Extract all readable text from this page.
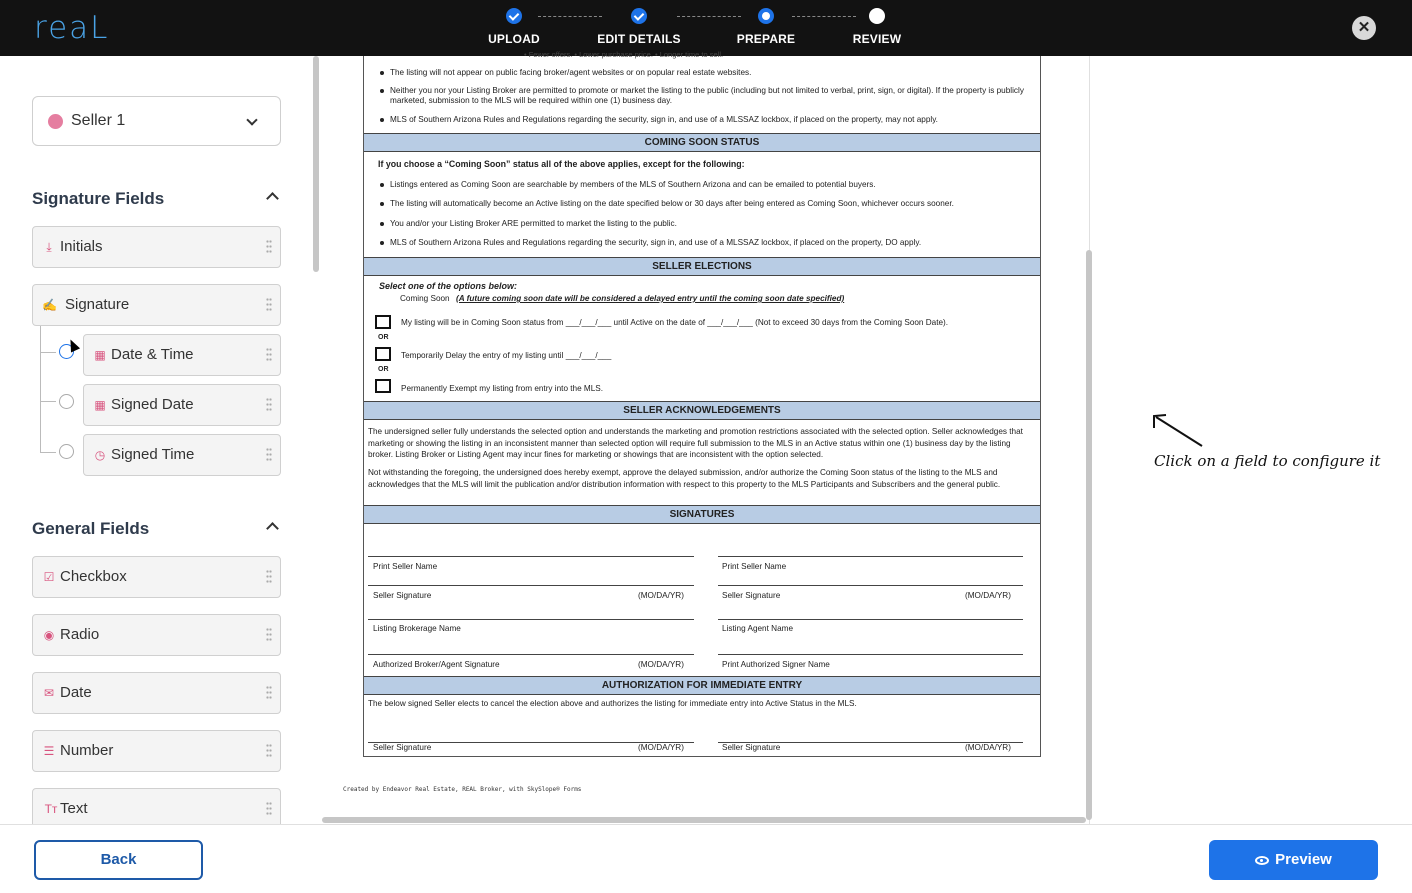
reaL	UPLOAD	EDIT DETAILS	PREPARE	REVIEW
✕
Seller 1
Signature Fields
⤓ Initials
✍ Signature
▦ Date & Time
▦ Signed Date
◷ Signed Time
General Fields
☑ Checkbox
◉ Radio
✉ Date
☰ Number
Tт Text
• Fewer offers. • Lower purchase price. • Longer time to sell.
The listing will not appear on public facing broker/agent websites or on popular real estate websites.
Neither you nor your Listing Broker are permitted to promote or market the listing to the public (including but not limited to verbal, print, sign, or digital). If the property is publicly marketed, submission to the MLS will be required within one (1) business day.
MLS of Southern Arizona Rules and Regulations regarding the security, sign in, and use of a MLSSAZ lockbox, if placed on the property, may not apply.
COMING SOON STATUS
If you choose a “Coming Soon” status all of the above applies, except for the following:
Listings entered as Coming Soon are searchable by members of the MLS of Southern Arizona and can be emailed to potential buyers.
The listing will automatically become an Active listing on the date specified below or 30 days after being entered as Coming Soon, whichever occurs sooner.
You and/or your Listing Broker ARE permitted to market the listing to the public.
MLS of Southern Arizona Rules and Regulations regarding the security, sign in, and use of a MLSSAZ lockbox, if placed on the property, DO apply.
SELLER ELECTIONS
Select one of the options below:
Coming Soon (A future coming soon date will be considered a delayed entry until the coming soon date specified)
My listing will be in Coming Soon status from ___/___/___ until Active on the date of ___/___/___ (Not to exceed 30 days from the Coming Soon Date).
OR
Temporarily Delay the entry of my listing until ___/___/___
OR
Permanently Exempt my listing from entry into the MLS.
SELLER ACKNOWLEDGEMENTS
The undersigned seller fully understands the selected option and understands the marketing and promotion restrictions associated with the selected option. Seller acknowledges that marketing or showing the listing in an inconsistent manner than selected option will require full submission to the MLS in an Active status within one (1) business day by the listing broker. Listing Broker or Listing Agent may incur fines for marketing or showings that are inconsistent with the option selected.
Not withstanding the foregoing, the undersigned does hereby exempt, approve the delayed submission, and/or authorize the Coming Soon status of the listing to the MLS and acknowledges that the MLS will limit the publication and/or distribution information with respect to this property to the MLS Participants and Subscribers and the general public.
SIGNATURES
Print Seller Name	Print Seller Name
Seller Signature	(MO/DA/YR)	Seller Signature	(MO/DA/YR)
Listing Brokerage Name	Listing Agent Name
Authorized Broker/Agent Signature	(MO/DA/YR)	Print Authorized Signer Name
AUTHORIZATION FOR IMMEDIATE ENTRY
The below signed Seller elects to cancel the election above and authorizes the listing for immediate entry into Active Status in the MLS.
Seller Signature	(MO/DA/YR)	Seller Signature	(MO/DA/YR)
Created by Endeavor Real Estate, REAL Broker, with SkySlope® Forms
Click on a field to configure it
Back	Preview
